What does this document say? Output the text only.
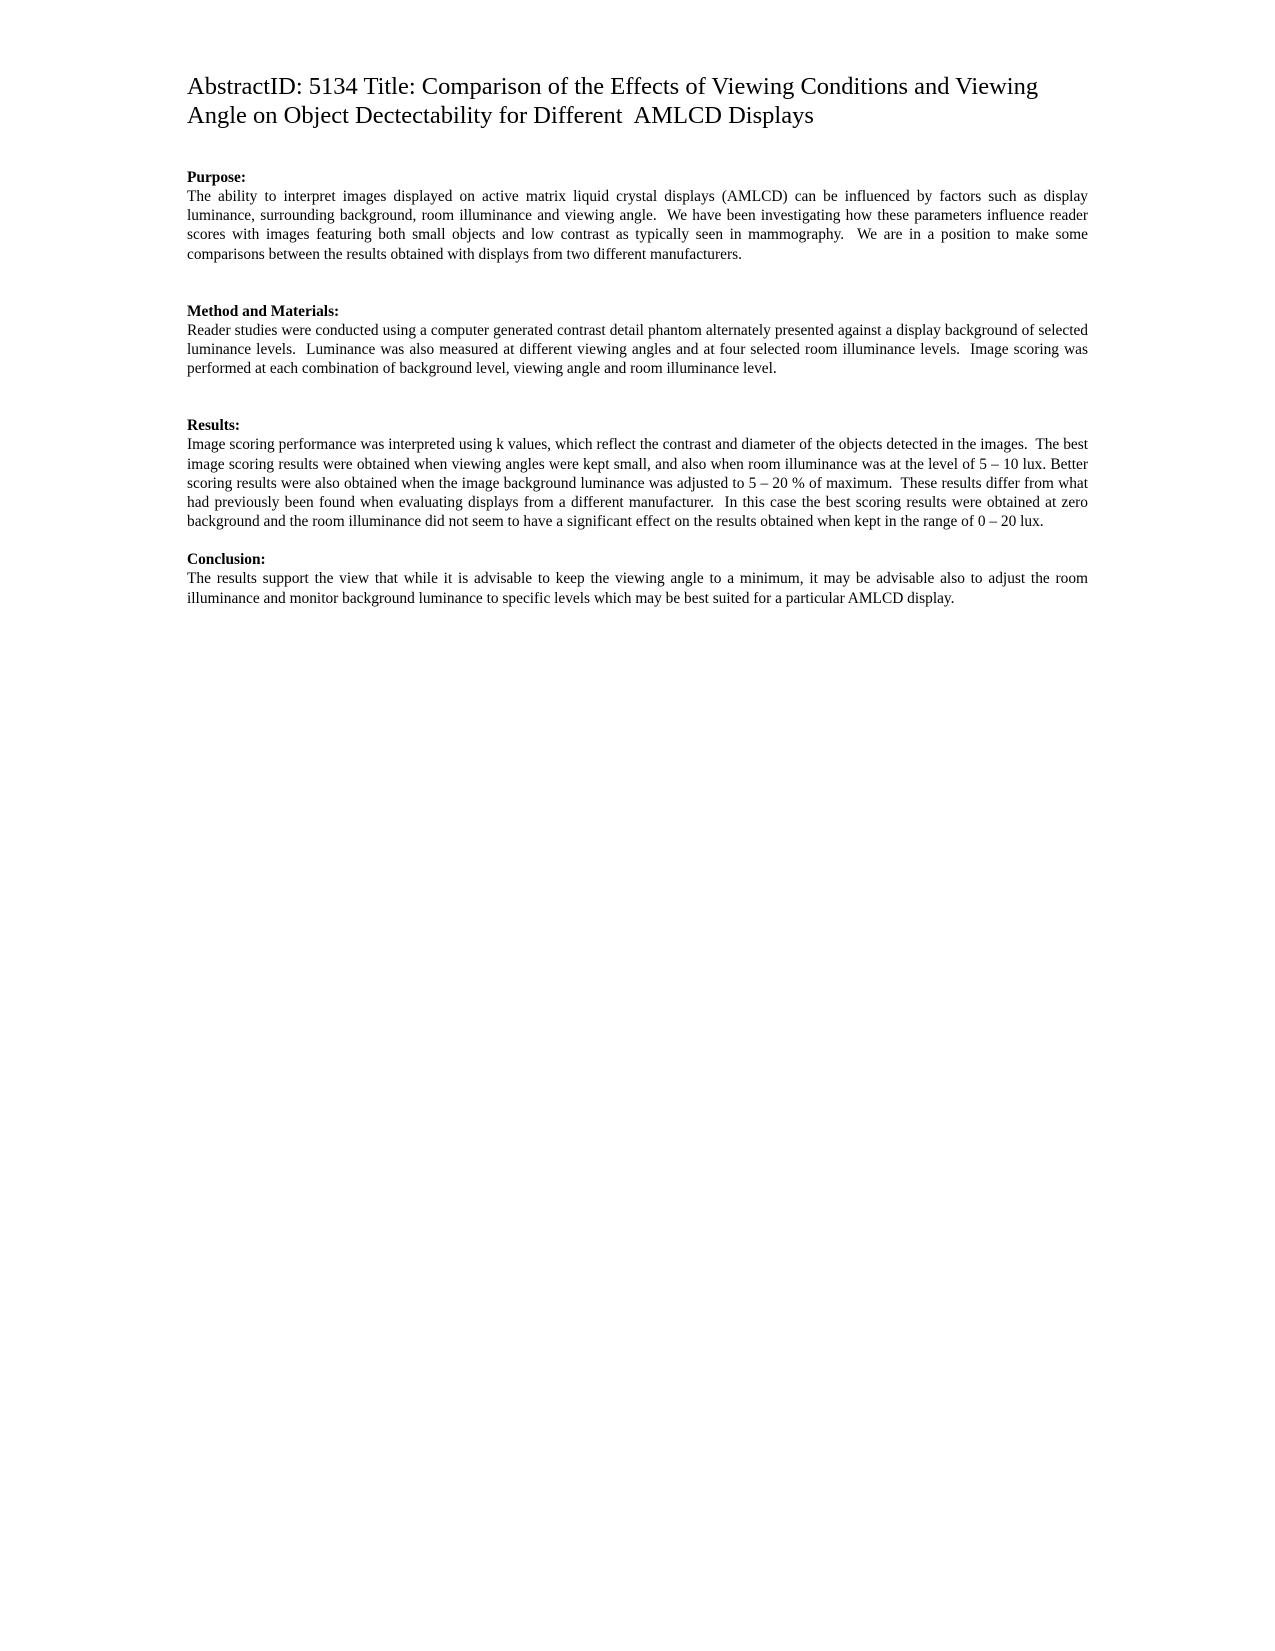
AbstractID: 5134 Title: Comparison of the Effects of Viewing Conditions and Viewing Angle on Object Dectectability for Different  AMLCD Displays

Purpose:

The ability to interpret images displayed on active matrix liquid crystal displays (AMLCD) can be influenced by factors such as display luminance, surrounding background, room illuminance and viewing angle.  We have been investigating how these parameters influence reader scores with images featuring both small objects and low contrast as typically seen in mammography.  We are in a position to make some comparisons between the results obtained with displays from two different manufacturers.

Method and Materials:

Reader studies were conducted using a computer generated contrast detail phantom alternately presented against a display background of selected luminance levels.  Luminance was also measured at different viewing angles and at four selected room illuminance levels.  Image scoring was performed at each combination of background level, viewing angle and room illuminance level.

Results:

Image scoring performance was interpreted using k values, which reflect the contrast and diameter of the objects detected in the images.  The best image scoring results were obtained when viewing angles were kept small, and also when room illuminance was at the level of 5 – 10 lux. Better scoring results were also obtained when the image background luminance was adjusted to 5 – 20 % of maximum.  These results differ from what had previously been found when evaluating displays from a different manufacturer.  In this case the best scoring results were obtained at zero background and the room illuminance did not seem to have a significant effect on the results obtained when kept in the range of 0 – 20 lux.

Conclusion:

The results support the view that while it is advisable to keep the viewing angle to a minimum, it may be advisable also to adjust the room illuminance and monitor background luminance to specific levels which may be best suited for a particular AMLCD display.
